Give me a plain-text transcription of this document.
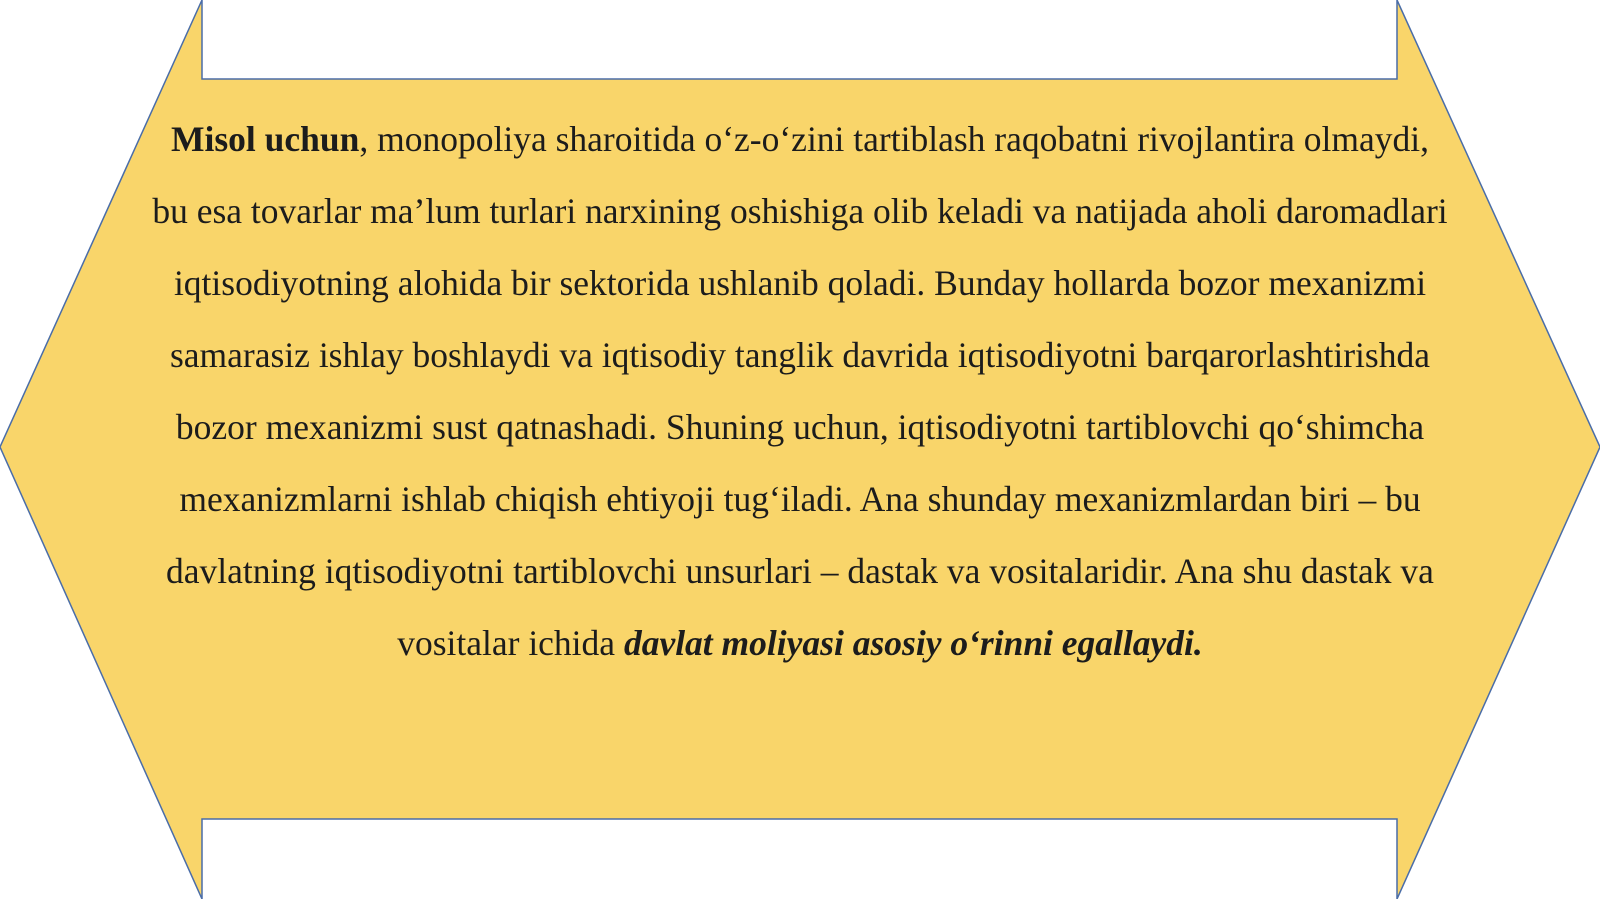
Misol uchun, monopoliya sharoitida o‘z-o‘zini tartiblash raqobatni rivojlantira olmaydi, bu esa tovarlar ma’lum turlari narxining oshishiga olib keladi va natijada aholi daromadlari iqtisodiyotning alohida bir sektorida ushlanib qoladi. Bunday hollarda bozor mexanizmi samarasiz ishlay boshlaydi va iqtisodiy tanglik davrida iqtisodiyotni barqarorlashtirishda bozor mexanizmi sust qatnashadi. Shuning uchun, iqtisodiyotni tartiblovchi qo‘shimcha mexanizmlarni ishlab chiqish ehtiyoji tug‘iladi. Ana shunday mexanizmlardan biri – bu davlatning iqtisodiyotni tartiblovchi unsurlari – dastak va vositalaridir. Ana shu dastak va vositalar ichida davlat moliyasi asosiy o‘rinni egallaydi.
